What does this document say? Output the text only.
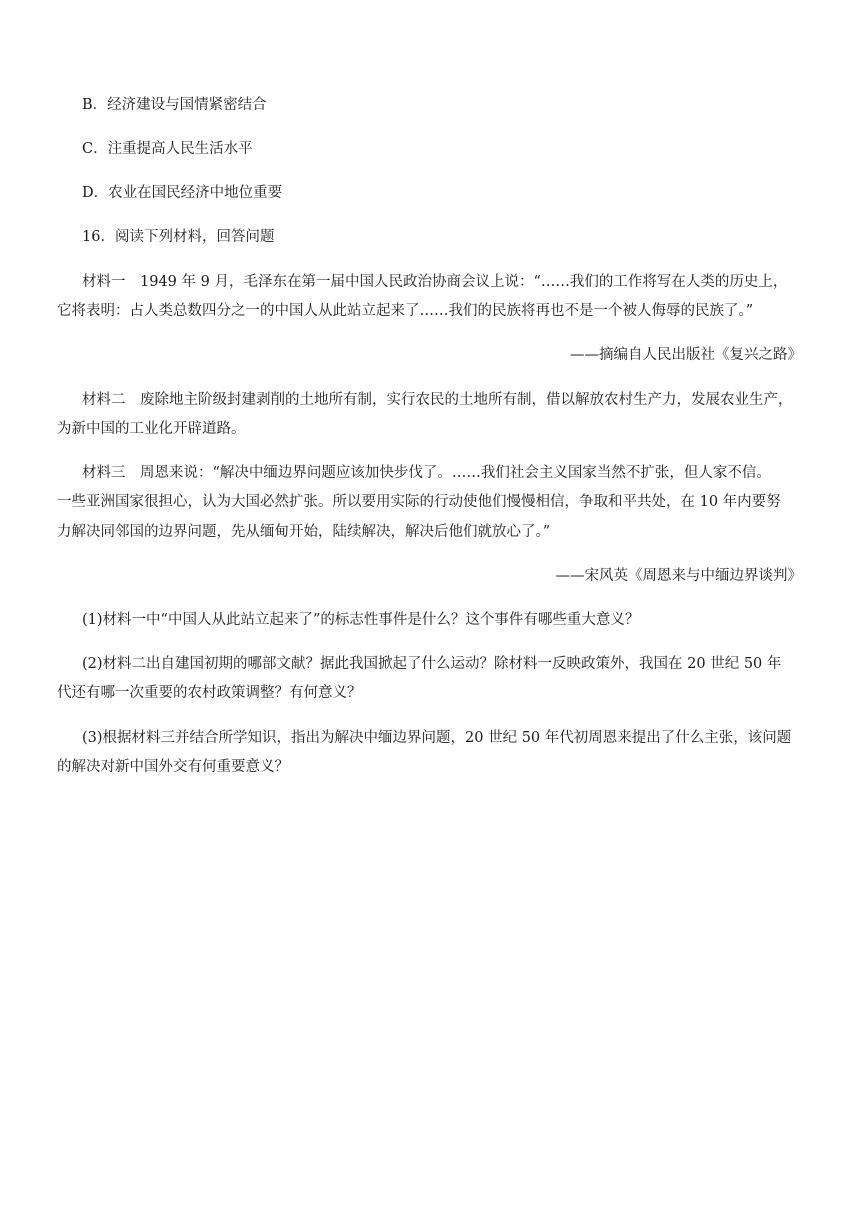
B．经济建设与国情紧密结合
C．注重提高人民生活水平
D．农业在国民经济中地位重要
16．阅读下列材料，回答问题
材料一　1949 年 9 月，毛泽东在第一届中国人民政治协商会议上说：“……我们的工作将写在人类的历史上，
它将表明：占人类总数四分之一的中国人从此站立起来了……我们的民族将再也不是一个被人侮辱的民族了。”
——摘编自人民出版社《复兴之路》
材料二　废除地主阶级封建剥削的土地所有制，实行农民的土地所有制，借以解放农村生产力，发展农业生产，
为新中国的工业化开辟道路。
材料三　周恩来说：“解决中缅边界问题应该加快步伐了。……我们社会主义国家当然不扩张，但人家不信。
一些亚洲国家很担心，认为大国必然扩张。所以要用实际的行动使他们慢慢相信，争取和平共处，在 10 年内要努
力解决同邻国的边界问题，先从缅甸开始，陆续解决，解决后他们就放心了。”
——宋风英《周恩来与中缅边界谈判》
(1)材料一中“中国人从此站立起来了”的标志性事件是什么？这个事件有哪些重大意义？
(2)材料二出自建国初期的哪部文献？据此我国掀起了什么运动？除材料一反映政策外，我国在 20 世纪 50 年
代还有哪一次重要的农村政策调整？有何意义？
(3)根据材料三并结合所学知识，指出为解决中缅边界问题，20 世纪 50 年代初周恩来提出了什么主张，该问题
的解决对新中国外交有何重要意义？
